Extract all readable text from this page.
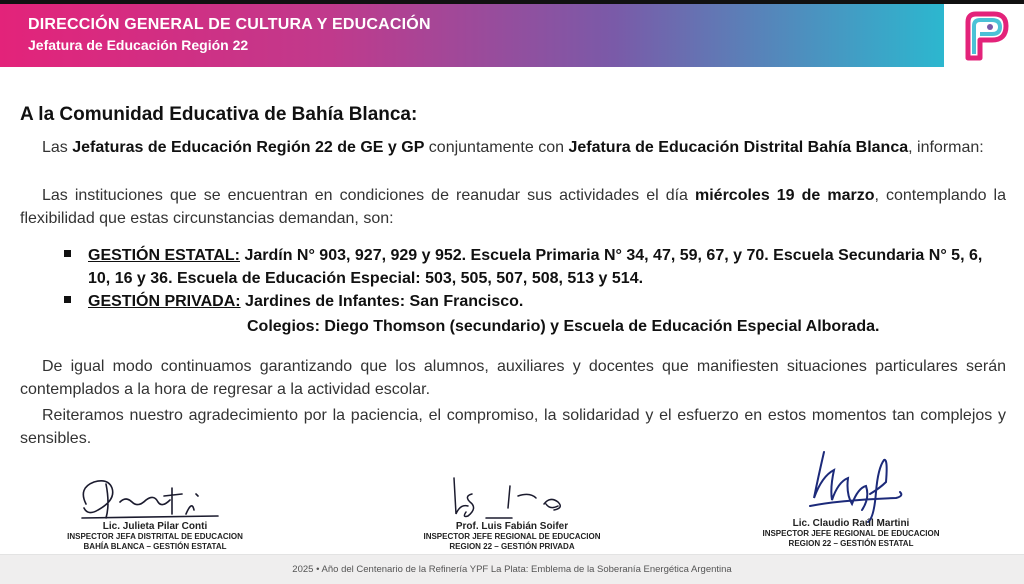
DIRECCIÓN GENERAL DE CULTURA Y EDUCACIÓN
Jefatura de Educación Región 22
A la Comunidad Educativa de Bahía Blanca:
Las Jefaturas de Educación Región 22 de GE y GP conjuntamente con Jefatura de Educación Distrital Bahía Blanca, informan:
Las instituciones que se encuentran en condiciones de reanudar sus actividades el día miércoles 19 de marzo, contemplando la flexibilidad que estas circunstancias demandan, son:
GESTIÓN ESTATAL: Jardín N° 903, 927, 929 y 952. Escuela Primaria N° 34, 47, 59, 67, y 70. Escuela Secundaria N° 5, 6, 10, 16 y 36. Escuela de Educación Especial: 503, 505, 507, 508, 513 y 514.
GESTIÓN PRIVADA: Jardines de Infantes: San Francisco.
Colegios: Diego Thomson (secundario) y Escuela de Educación Especial Alborada.
De igual modo continuamos garantizando que los alumnos, auxiliares y docentes que manifiesten situaciones particulares serán contemplados a la hora de regresar a la actividad escolar.
Reiteramos nuestro agradecimiento por la paciencia, el compromiso, la solidaridad y el esfuerzo en estos momentos tan complejos y sensibles.
Lic. Julieta Pilar Conti
INSPECTOR JEFA DISTRITAL DE EDUCACION
BAHÍA BLANCA – GESTIÓN ESTATAL
Prof. Luis Fabián Soifer
INSPECTOR JEFE REGIONAL DE EDUCACION
REGION 22 – GESTIÓN PRIVADA
Lic. Claudio Raúl Martini
INSPECTOR JEFE REGIONAL DE EDUCACION
REGION 22 – GESTIÓN ESTATAL
2025 • Año del Centenario de la Refinería YPF La Plata: Emblema de la Soberanía Energética Argentina
